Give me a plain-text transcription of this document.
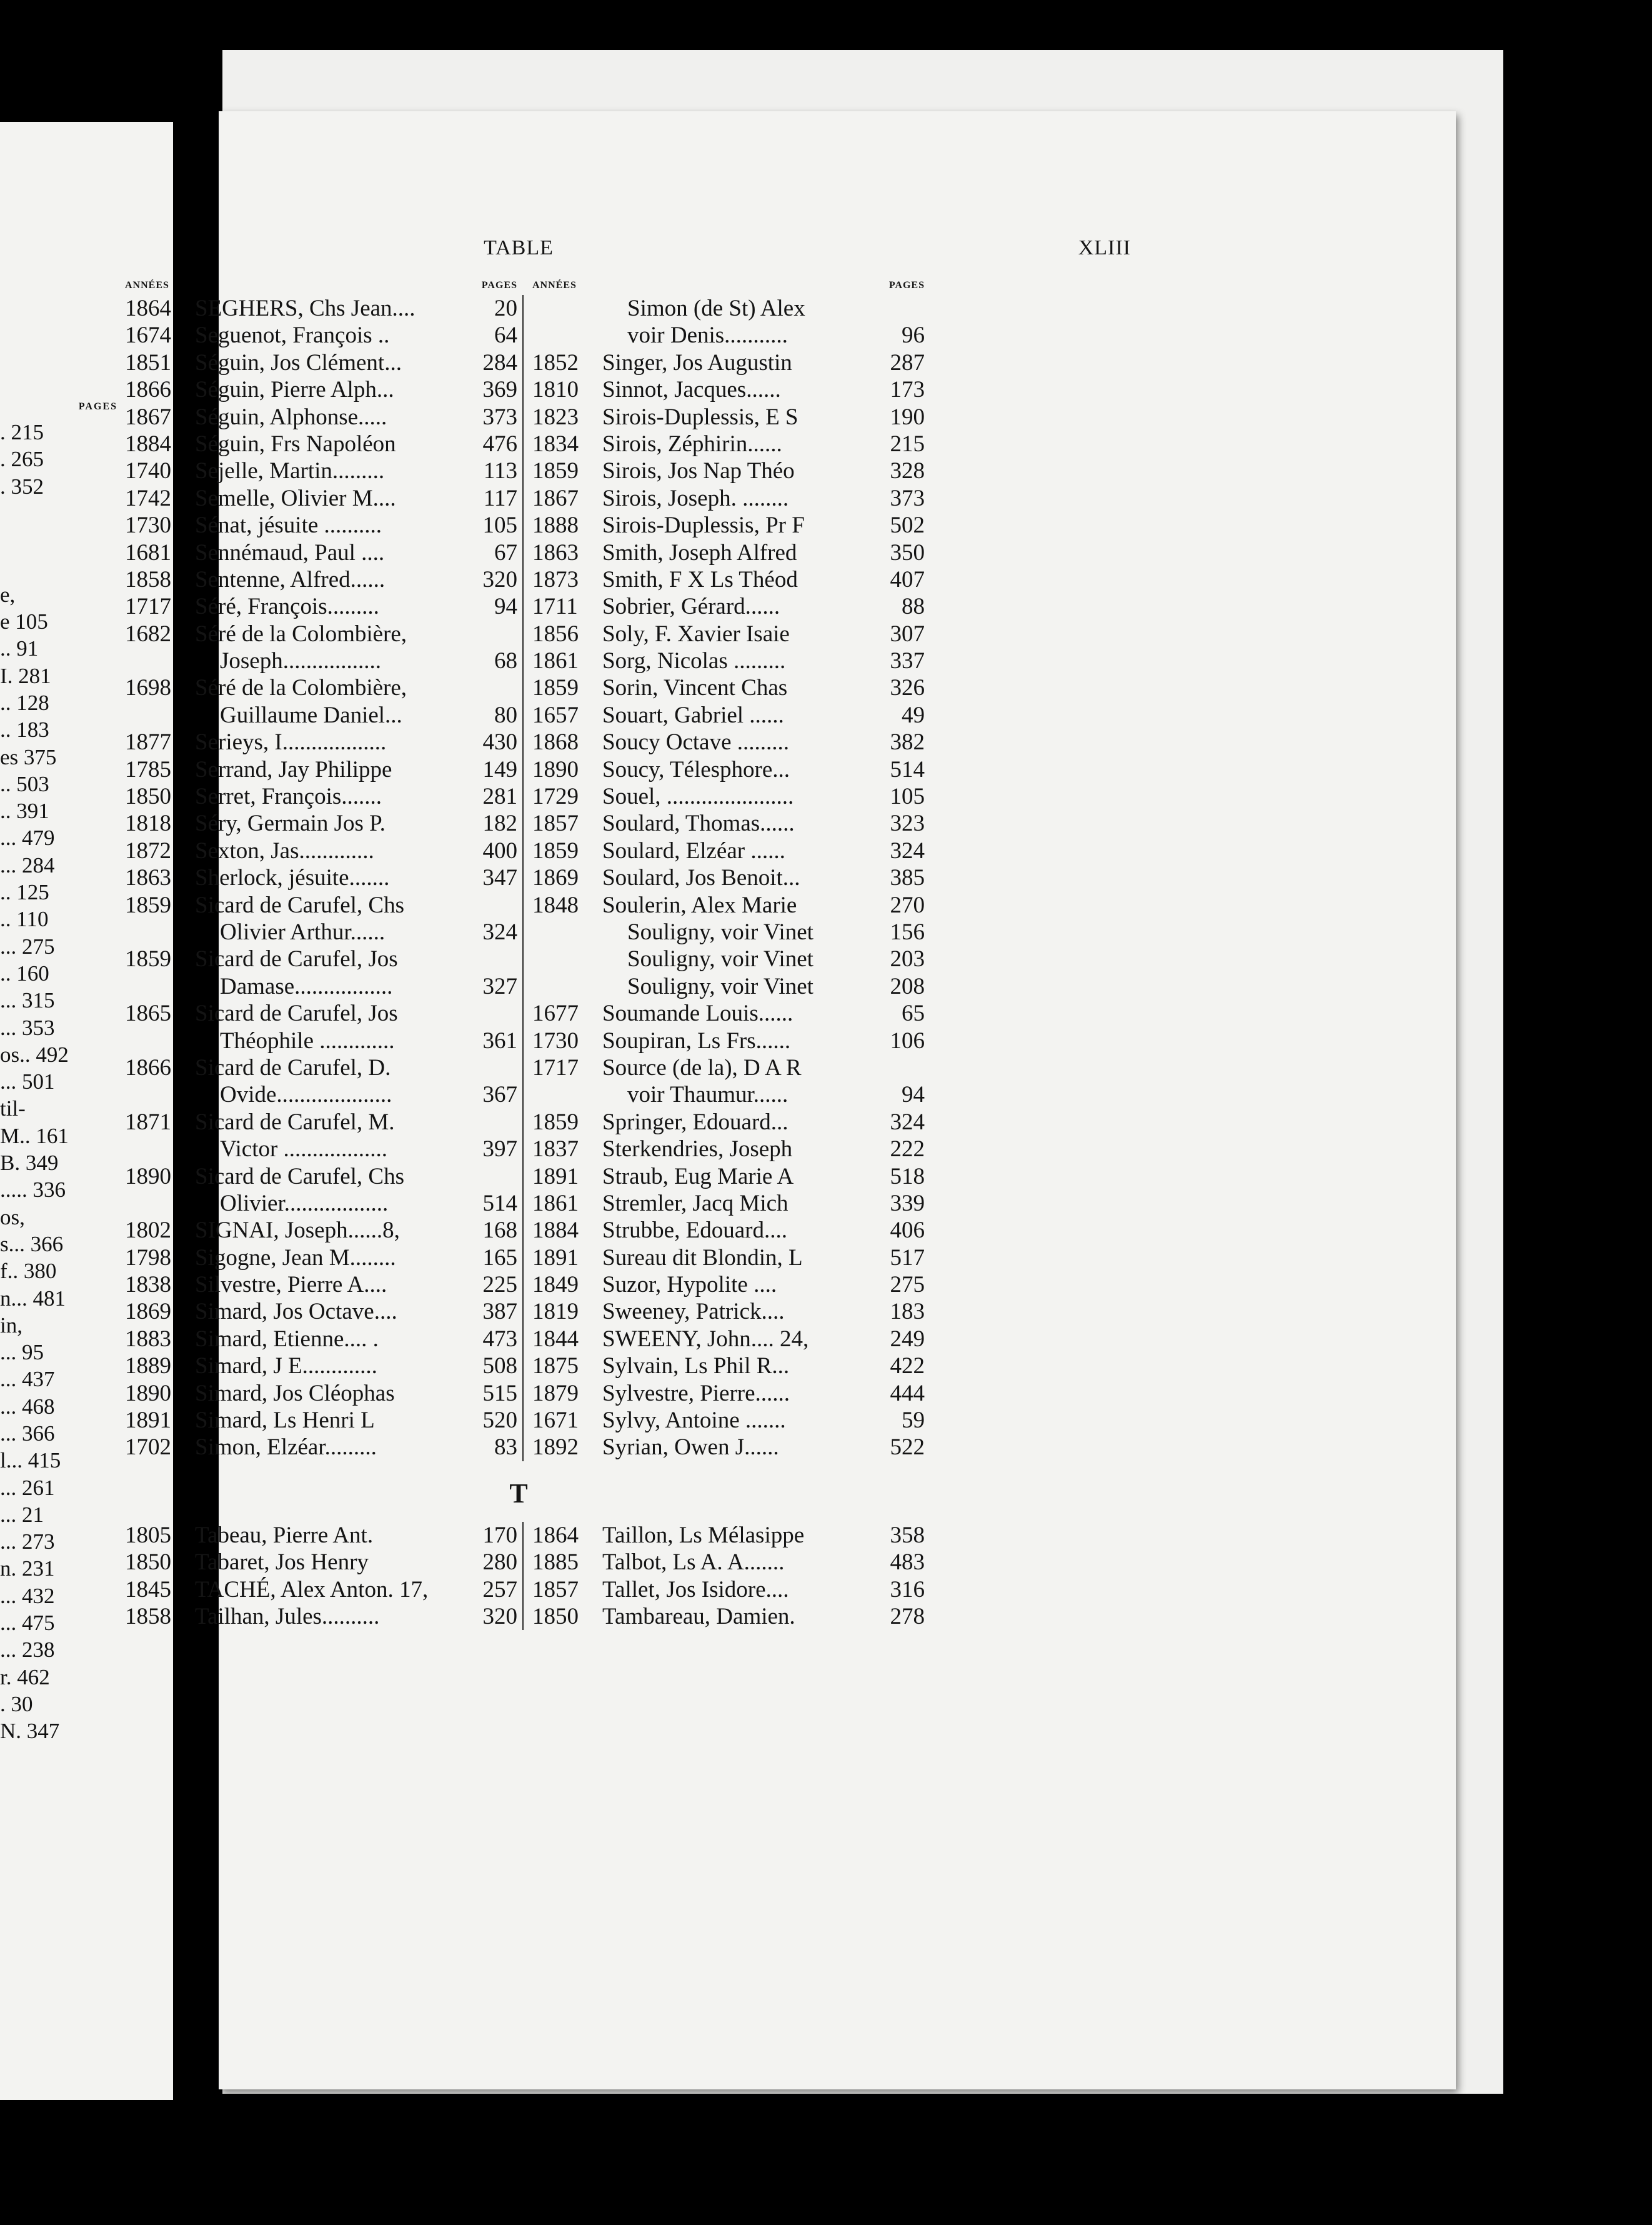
PAGES
. 215
. 265
. 352

e,
e 105
.. 91
I. 281
.. 128
.. 183
es 375
.. 503
.. 391
... 479
... 284
.. 125
.. 110
... 275
.. 160
... 315
... 353
os.. 492
... 501
til-
M.. 161
B. 349
..... 336
os,
s... 366
f.. 380
n... 481
in,
... 95
... 437
... 468
... 366
l... 415
... 261
... 21
... 273
n. 231
... 432
... 475
... 238
r. 462
. 30
N. 347
TABLE	XLIII
ANNÉES	PAGES ANNÉES	PAGES
1864	SEGHERS, Chs Jean....	20
1674	Seguenot, François ..	64
1851	Séguin, Jos Clément...	284
1866	Séguin, Pierre Alph...	369
1867	Séguin, Alphonse.....	373
1884	Séguin, Frs Napoléon	476
1740	Sejelle, Martin.........	113
1742	Semelle, Olivier M....	117
1730	Sénat, jésuite ..........	105
1681	Sennémaud, Paul ....	67
1858	Sentenne, Alfred......	320
1717	Séré, François.........	94
1682	Séré de la Colombière,
Joseph.................	68
1698	Séré de la Colombière,
Guillaume Daniel...	80
1877	Serieys, I..................	430
1785	Serrand, Jay Philippe	149
1850	Serret, François.......	281
1818	Séry, Germain Jos P.	182
1872	Sexton, Jas.............	400
1863	Sherlock, jésuite.......	347
1859	Sicard de Carufel, Chs
Olivier Arthur......	324
1859	Sicard de Carufel, Jos
Damase.................	327
1865	Sicard de Carufel, Jos
Théophile .............	361
1866	Sicard de Carufel, D.
Ovide....................	367
1871	Sicard de Carufel, M.
Victor ..................	397
1890	Sicard de Carufel, Chs
Olivier..................	514
1802	SIGNAI, Joseph......8,	168
1798	Sigogne, Jean M........	165
1838	Silvestre, Pierre A....	225
1869	Simard, Jos Octave....	387
1883	Simard, Etienne.... .	473
1889	Simard, J E.............	508
1890	Simard, Jos Cléophas	515
1891	Simard, Ls Henri L	520
1702	Simon, Elzéar.........	83
Simon (de St) Alex
voir Denis...........	96
1852	Singer, Jos Augustin	287
1810	Sinnot, Jacques......	173
1823	Sirois-Duplessis, E S	190
1834	Sirois, Zéphirin......	215
1859	Sirois, Jos Nap Théo	328
1867	Sirois, Joseph. ........	373
1888	Sirois-Duplessis, Pr F	502
1863	Smith, Joseph Alfred	350
1873	Smith, F X Ls Théod	407
1711	Sobrier, Gérard......	88
1856	Soly, F. Xavier Isaie	307
1861	Sorg, Nicolas .........	337
1859	Sorin, Vincent Chas	326
1657	Souart, Gabriel ......	49
1868	Soucy Octave .........	382
1890	Soucy, Télesphore...	514
1729	Souel, ......................	105
1857	Soulard, Thomas......	323
1859	Soulard, Elzéar ......	324
1869	Soulard, Jos Benoit...	385
1848	Soulerin, Alex Marie	270
Souligny, voir Vinet	156
Souligny, voir Vinet	203
Souligny, voir Vinet	208
1677	Soumande Louis......	65
1730	Soupiran, Ls Frs......	106
1717	Source (de la), D A R
voir Thaumur......	94
1859	Springer, Edouard...	324
1837	Sterkendries, Joseph	222
1891	Straub, Eug Marie A	518
1861	Stremler, Jacq Mich	339
1884	Strubbe, Edouard....	406
1891	Sureau dit Blondin, L	517
1849	Suzor, Hypolite ....	275
1819	Sweeney, Patrick....	183
1844	SWEENY, John.... 24,	249
1875	Sylvain, Ls Phil R...	422
1879	Sylvestre, Pierre......	444
1671	Sylvy, Antoine .......	59
1892	Syrian, Owen J......	522
T
1805	Tabeau, Pierre Ant.	170
1850	Tabaret, Jos Henry	280
1845	TACHÉ, Alex Anton. 17,	257
1858	Tailhan, Jules..........	320
1864	Taillon, Ls Mélasippe	358
1885	Talbot, Ls A. A.......	483
1857	Tallet, Jos Isidore....	316
1850	Tambareau, Damien.	278
